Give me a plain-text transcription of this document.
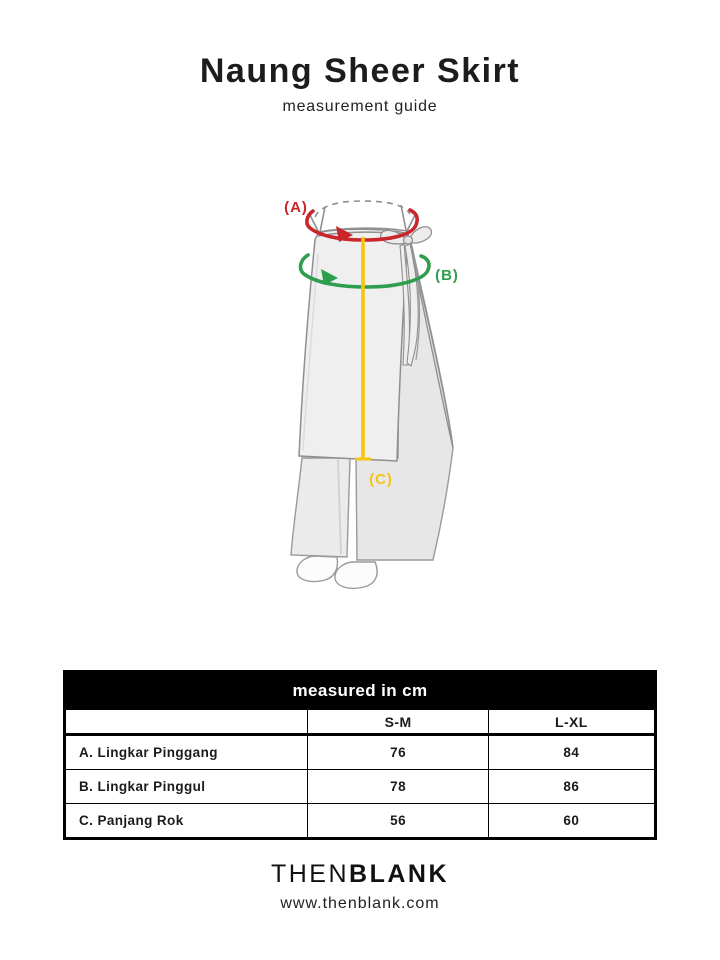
Naung Sheer Skirt
measurement guide
(A)
(B)
(C)
measured in cm		
	S-M	L-XL
A. Lingkar Pinggang	76	84
B. Lingkar Pinggul	78	86
C. Panjang Rok	56	60
THENBLANK
www.thenblank.com
